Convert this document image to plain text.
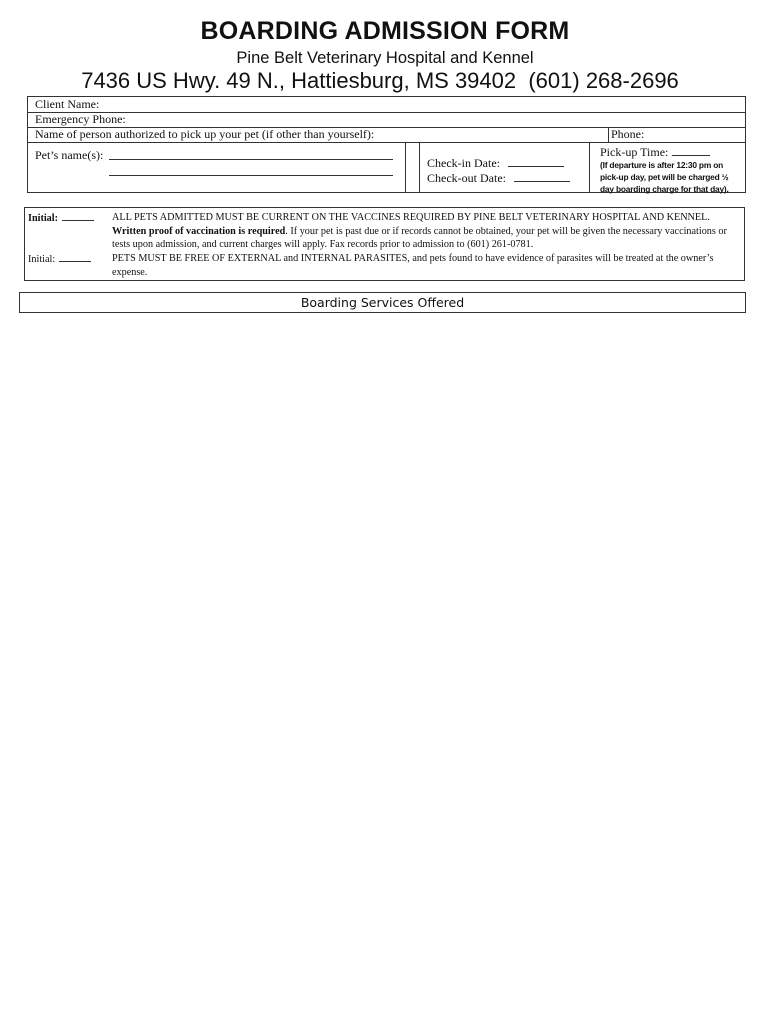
BOARDING ADMISSION FORM
Pine Belt Veterinary Hospital and Kennel
7436 US Hwy. 49 N., Hattiesburg, MS 39402  (601) 268-2696
Client Name:
Emergency Phone:
Name of person authorized to pick up your pet (if other than yourself):	Phone:
Pet’s name(s):
Check-in Date:
Check-out Date:
Pick-up Time:
(If departure is after 12:30 pm on pick-up day, pet will be charged ½ day boarding charge for that day).
Initial:	ALL PETS ADMITTED MUST BE CURRENT ON THE VACCINES REQUIRED BY PINE BELT VETERINARY HOSPITAL AND KENNEL.  Written proof of vaccination is required. If your pet is past due or if records cannot be obtained, your pet will be given the necessary vaccinations or tests upon admission, and current charges will apply. Fax records prior to admission to (601) 261-0781.
Initial:	PETS MUST BE FREE OF EXTERNAL and INTERNAL PARASITES, and pets found to have evidence of parasites will be treated at the owner’s expense.
Boarding Services Offered
